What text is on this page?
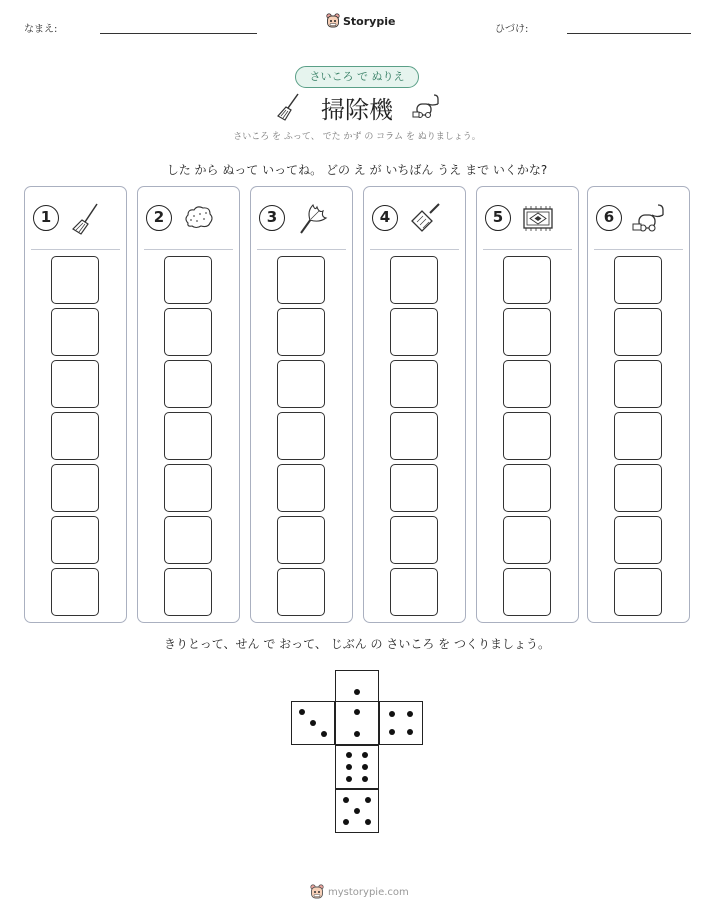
なまえ:
Storypie
ひづけ:
さいころ で ぬりえ
掃除機
さいころ を ふって、 でた かず の コラム を ぬりましょう。
した から ぬって いってね。 どの え が いちばん うえ まで いくかな?
1	2	3	4	5	6
きりとって、せん で おって、 じぶん の さいころ を つくりましょう。
mystorypie.com
